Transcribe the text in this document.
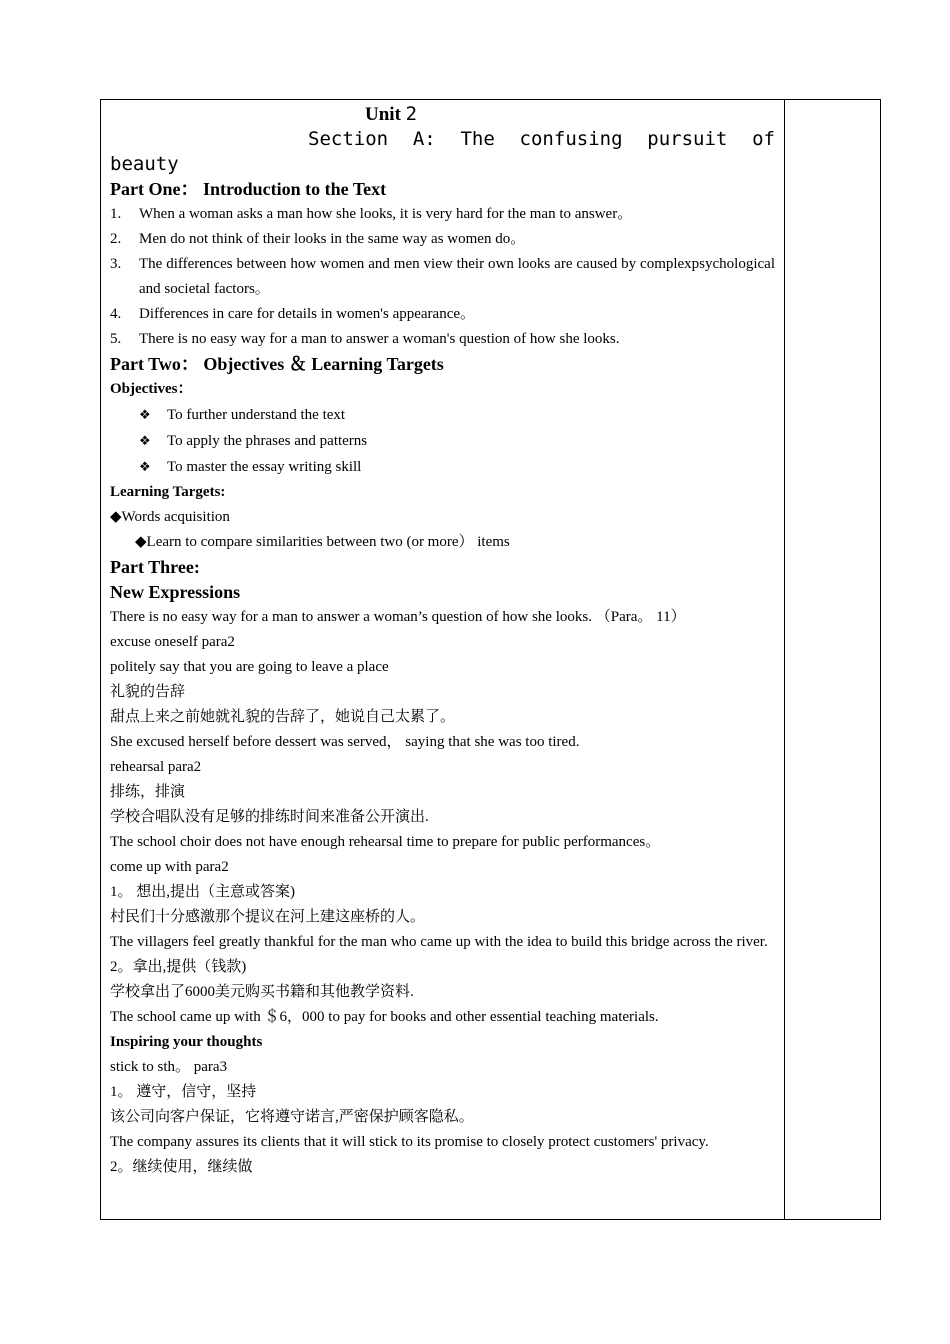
Unit 2
Section A: The confusing pursuit of
beauty
Part One： Introduction to the Text
1.	When a woman asks a man how she looks, it is very hard for the man to answer。
2.	Men do not think of their looks in the same way as women do。
3.	The differences between how women and men view their own looks are caused by complexpsychological and societal factors。
4.	Differences in care for details in women's appearance。
5.	There is no easy way for a man to answer a woman's question of how she looks.
Part Two： Objectives ＆ Learning Targets
Objectives：
❖ To further understand the text
❖ To apply the phrases and patterns
❖ To master the essay writing skill
Learning Targets:
◆Words acquisition
◆Learn to compare similarities between two (or more） items
Part Three:
New Expressions
There is no easy way for a man to answer a woman’s question of how she looks. （Para。 11）
excuse oneself para2
politely say that you are going to leave a place
礼貌的告辞
甜点上来之前她就礼貌的告辞了，她说自己太累了。
She excused herself before dessert was served， saying that she was too tired.
rehearsal para2
排练，排演
学校合唱队没有足够的排练时间来准备公开演出.
The school choir does not have enough rehearsal time to prepare for public performances。
come up with para2
1。 想出,提出（主意或答案)
村民们十分感激那个提议在河上建这座桥的人。
The villagers feel greatly thankful for the man who came up with the idea to build this bridge across the river.
2。拿出,提供（钱款)
学校拿出了6000美元购买书籍和其他教学资料.
The school came up with ＄6，000 to pay for books and other essential teaching materials.
Inspiring your thoughts
stick to sth。 para3
1。 遵守，信守，坚持
该公司向客户保证，它将遵守诺言,严密保护顾客隐私。
The company assures its clients that it will stick to its promise to closely protect customers' privacy.
2。继续使用，继续做
